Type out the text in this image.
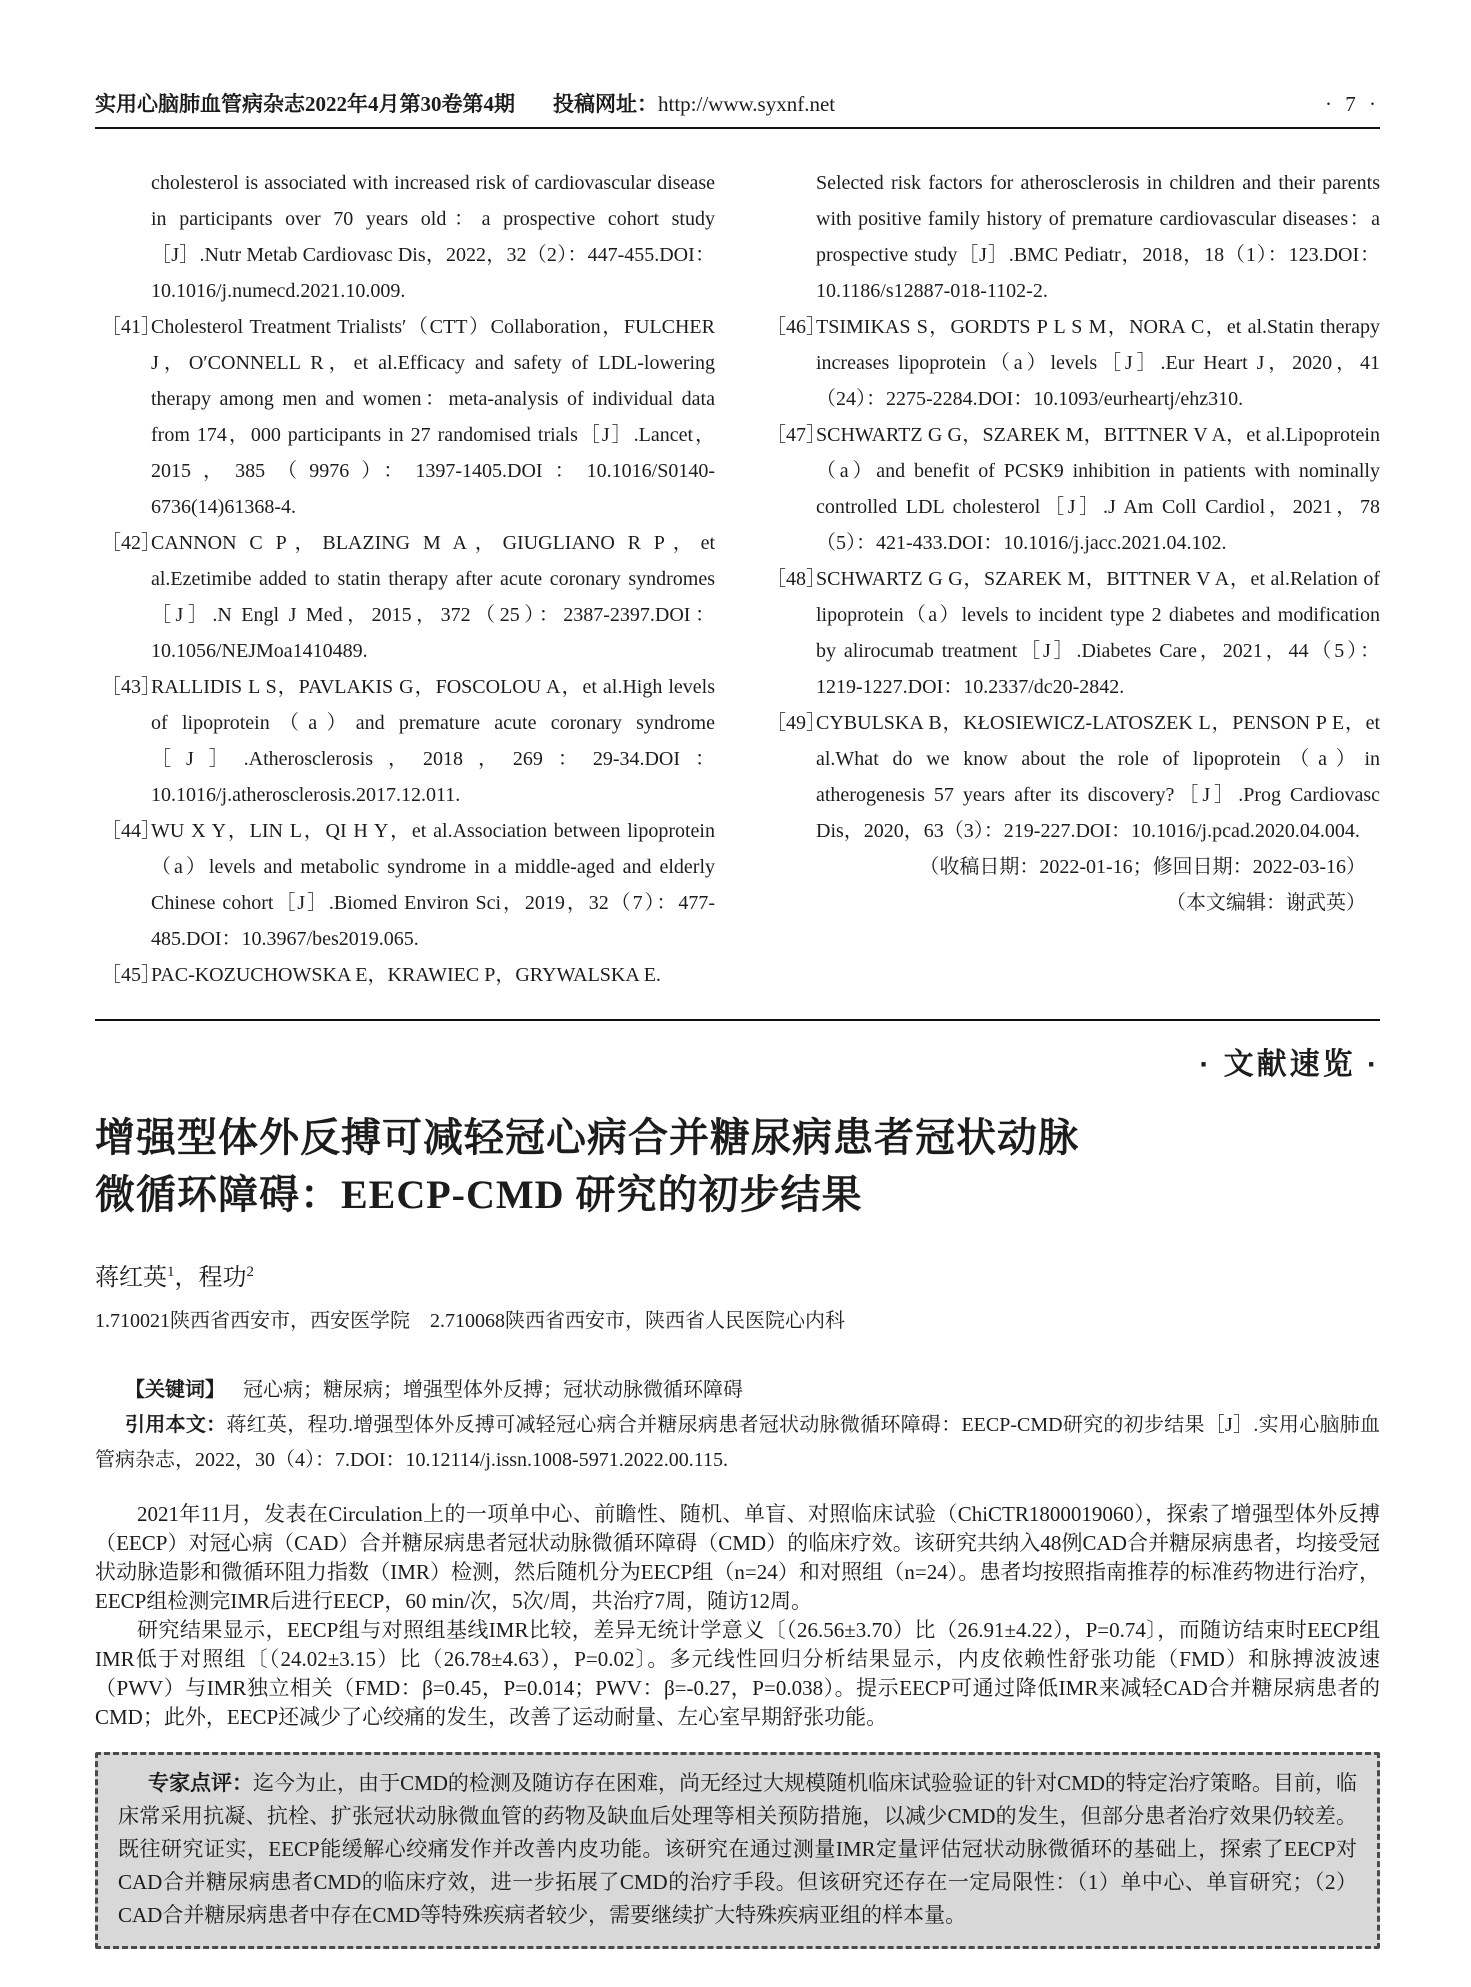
实用心脑肺血管病杂志2022年4月第30卷第4期 投稿网址：http://www.syxnf.net	· 7 ·
cholesterol is associated with increased risk of cardiovascular disease in participants over 70 years old：a prospective cohort study［J］.Nutr Metab Cardiovasc Dis，2022，32（2）：447-455.DOI：10.1016/j.numecd.2021.10.009.
［41］
Cholesterol Treatment Trialists′（CTT）Collaboration，FULCHER J，O′CONNELL R，et al.Efficacy and safety of LDL-lowering therapy among men and women：meta-analysis of individual data from 174，000 participants in 27 randomised trials［J］.Lancet，2015，385（9976）：1397-1405.DOI：10.1016/S0140-6736(14)61368-4.
［42］
CANNON C P，BLAZING M A，GIUGLIANO R P，et al.Ezetimibe added to statin therapy after acute coronary syndromes［J］.N Engl J Med，2015，372（25）：2387-2397.DOI：10.1056/NEJMoa1410489.
［43］
RALLIDIS L S，PAVLAKIS G，FOSCOLOU A，et al.High levels of lipoprotein（a）and premature acute coronary syndrome［J］.Atherosclerosis，2018，269：29-34.DOI：10.1016/j.atherosclerosis.2017.12.011.
［44］
WU X Y，LIN L，QI H Y，et al.Association between lipoprotein（a）levels and metabolic syndrome in a middle-aged and elderly Chinese cohort［J］.Biomed Environ Sci，2019，32（7）：477-485.DOI：10.3967/bes2019.065.
［45］
PAC-KOZUCHOWSKA E，KRAWIEC P，GRYWALSKA E.
Selected risk factors for atherosclerosis in children and their parents with positive family history of premature cardiovascular diseases：a prospective study［J］.BMC Pediatr，2018，18（1）：123.DOI：10.1186/s12887-018-1102-2.
［46］
TSIMIKAS S，GORDTS P L S M，NORA C，et al.Statin therapy increases lipoprotein（a）levels［J］.Eur Heart J，2020，41（24）：2275-2284.DOI：10.1093/eurheartj/ehz310.
［47］
SCHWARTZ G G，SZAREK M，BITTNER V A，et al.Lipoprotein（a）and benefit of PCSK9 inhibition in patients with nominally controlled LDL cholesterol［J］.J Am Coll Cardiol，2021，78（5）：421-433.DOI：10.1016/j.jacc.2021.04.102.
［48］
SCHWARTZ G G，SZAREK M，BITTNER V A，et al.Relation of lipoprotein（a）levels to incident type 2 diabetes and modification by alirocumab treatment［J］.Diabetes Care，2021，44（5）：1219-1227.DOI：10.2337/dc20-2842.
［49］
CYBULSKA B，KŁOSIEWICZ-LATOSZEK L，PENSON P E，et al.What do we know about the role of lipoprotein（a）in atherogenesis 57 years after its discovery?［J］.Prog Cardiovasc Dis，2020，63（3）：219-227.DOI：10.1016/j.pcad.2020.04.004.
（收稿日期：2022-01-16；修回日期：2022-03-16）
（本文编辑：谢武英）
· 文献速览 ·
增强型体外反搏可减轻冠心病合并糖尿病患者冠状动脉
微循环障碍：EECP-CMD 研究的初步结果
蒋红英$^1$，程功$^2$
1.710021陕西省西安市，西安医学院　2.710068陕西省西安市，陕西省人民医院心内科

【关键词】 冠心病；糖尿病；增强型体外反搏；冠状动脉微循环障碍

引用本文：蒋红英，程功.增强型体外反搏可减轻冠心病合并糖尿病患者冠状动脉微循环障碍：EECP-CMD研究的初步结果［J］.实用心脑肺血管病杂志，2022，30（4）：7.DOI：10.12114/j.issn.1008-5971.2022.00.115.

2021年11月，发表在Circulation上的一项单中心、前瞻性、随机、单盲、对照临床试验（ChiCTR1800019060），探索了增强型体外反搏（EECP）对冠心病（CAD）合并糖尿病患者冠状动脉微循环障碍（CMD）的临床疗效。该研究共纳入48例CAD合并糖尿病患者，均接受冠状动脉造影和微循环阻力指数（IMR）检测，然后随机分为EECP组（n=24）和对照组（n=24）。患者均按照指南推荐的标准药物进行治疗，EECP组检测完IMR后进行EECP，60 min/次，5次/周，共治疗7周，随访12周。

研究结果显示，EECP组与对照组基线IMR比较，差异无统计学意义〔（26.56±3.70）比（26.91±4.22），P=0.74〕，而随访结束时EECP组IMR低于对照组〔（24.02±3.15）比（26.78±4.63），P=0.02〕。多元线性回归分析结果显示，内皮依赖性舒张功能（FMD）和脉搏波波速（PWV）与IMR独立相关（FMD：β=0.45，P=0.014；PWV：β=-0.27，P=0.038）。提示EECP可通过降低IMR来减轻CAD合并糖尿病患者的CMD；此外，EECP还减少了心绞痛的发生，改善了运动耐量、左心室早期舒张功能。

专家点评：迄今为止，由于CMD的检测及随访存在困难，尚无经过大规模随机临床试验验证的针对CMD的特定治疗策略。目前，临床常采用抗凝、抗栓、扩张冠状动脉微血管的药物及缺血后处理等相关预防措施，以减少CMD的发生，但部分患者治疗效果仍较差。既往研究证实，EECP能缓解心绞痛发作并改善内皮功能。该研究在通过测量IMR定量评估冠状动脉微循环的基础上，探索了EECP对CAD合并糖尿病患者CMD的临床疗效，进一步拓展了CMD的治疗手段。但该研究还存在一定局限性：（1）单中心、单盲研究；（2）CAD合并糖尿病患者中存在CMD等特殊疾病者较少，需要继续扩大特殊疾病亚组的样本量。
